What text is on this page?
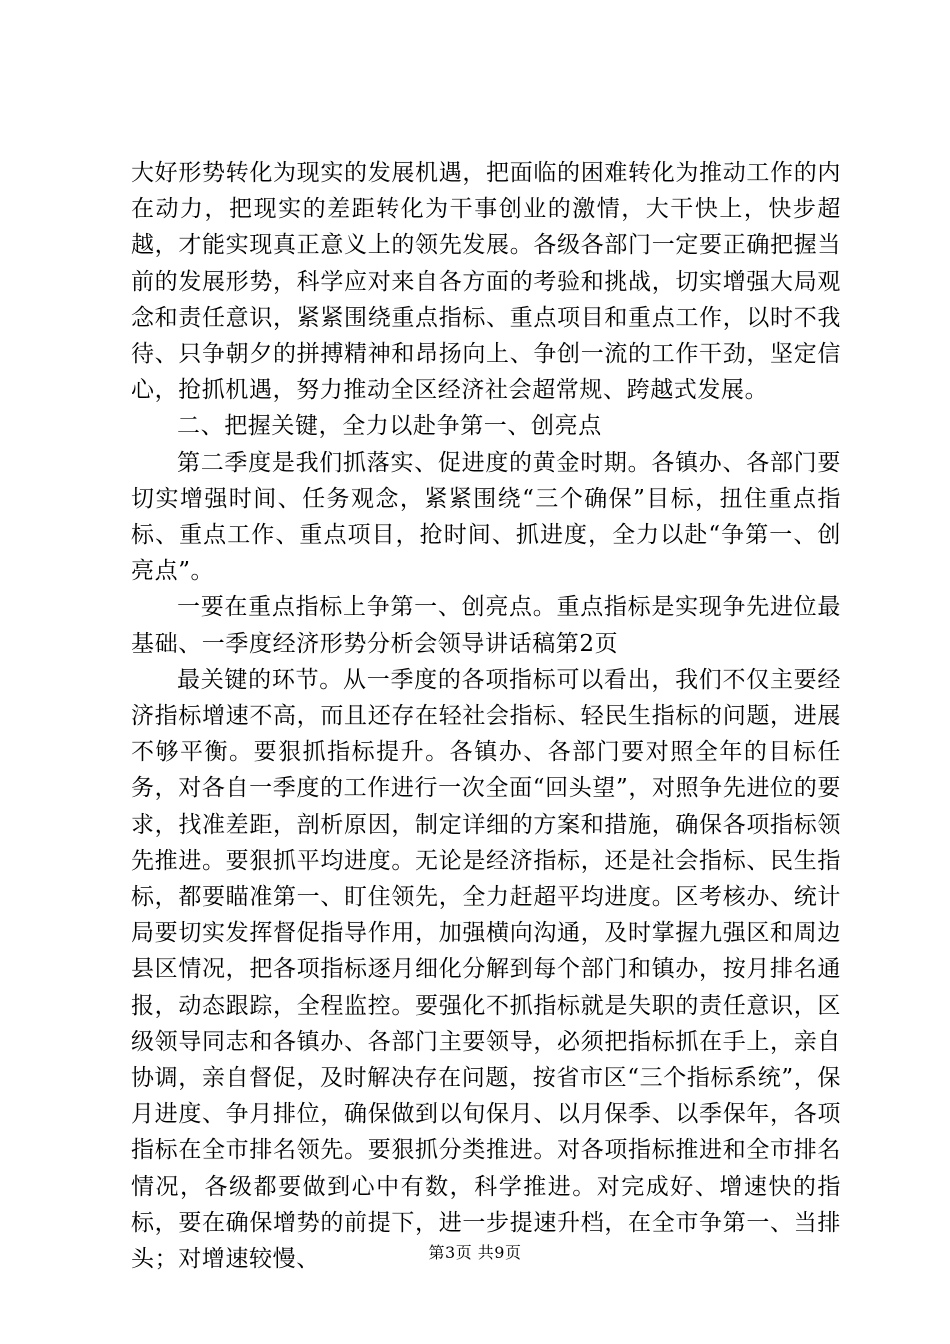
大好形势转化为现实的发展机遇，把面临的困难转化为推动工作的内在动力，把现实的差距转化为干事创业的激情，大干快上，快步超越，才能实现真正意义上的领先发展。各级各部门一定要正确把握当前的发展形势，科学应对来自各方面的考验和挑战，切实增强大局观念和责任意识，紧紧围绕重点指标、重点项目和重点工作，以时不我待、只争朝夕的拼搏精神和昂扬向上、争创一流的工作干劲，坚定信心，抢抓机遇，努力推动全区经济社会超常规、跨越式发展。

二、把握关键，全力以赴争第一、创亮点

第二季度是我们抓落实、促进度的黄金时期。各镇办、各部门要切实增强时间、任务观念，紧紧围绕“三个确保”目标，扭住重点指标、重点工作、重点项目，抢时间、抓进度，全力以赴“争第一、创亮点”。

一要在重点指标上争第一、创亮点。重点指标是实现争先进位最基础、一季度经济形势分析会领导讲话稿第2页

最关键的环节。从一季度的各项指标可以看出，我们不仅主要经济指标增速不高，而且还存在轻社会指标、轻民生指标的问题，进展不够平衡。要狠抓指标提升。各镇办、各部门要对照全年的目标任务，对各自一季度的工作进行一次全面“回头望”，对照争先进位的要求，找准差距，剖析原因，制定详细的方案和措施，确保各项指标领先推进。要狠抓平均进度。无论是经济指标，还是社会指标、民生指标，都要瞄准第一、盯住领先，全力赶超平均进度。区考核办、统计局要切实发挥督促指导作用，加强横向沟通，及时掌握九强区和周边县区情况，把各项指标逐月细化分解到每个部门和镇办，按月排名通报，动态跟踪，全程监控。要强化不抓指标就是失职的责任意识，区级领导同志和各镇办、各部门主要领导，必须把指标抓在手上，亲自协调，亲自督促，及时解决存在问题，按省市区“三个指标系统”，保月进度、争月排位，确保做到以旬保月、以月保季、以季保年，各项指标在全市排名领先。要狠抓分类推进。对各项指标推进和全市排名情况，各级都要做到心中有数，科学推进。对完成好、增速快的指标，要在确保增势的前提下，进一步提速升档，在全市争第一、当排头；对增速较慢、	第3页 共9页
